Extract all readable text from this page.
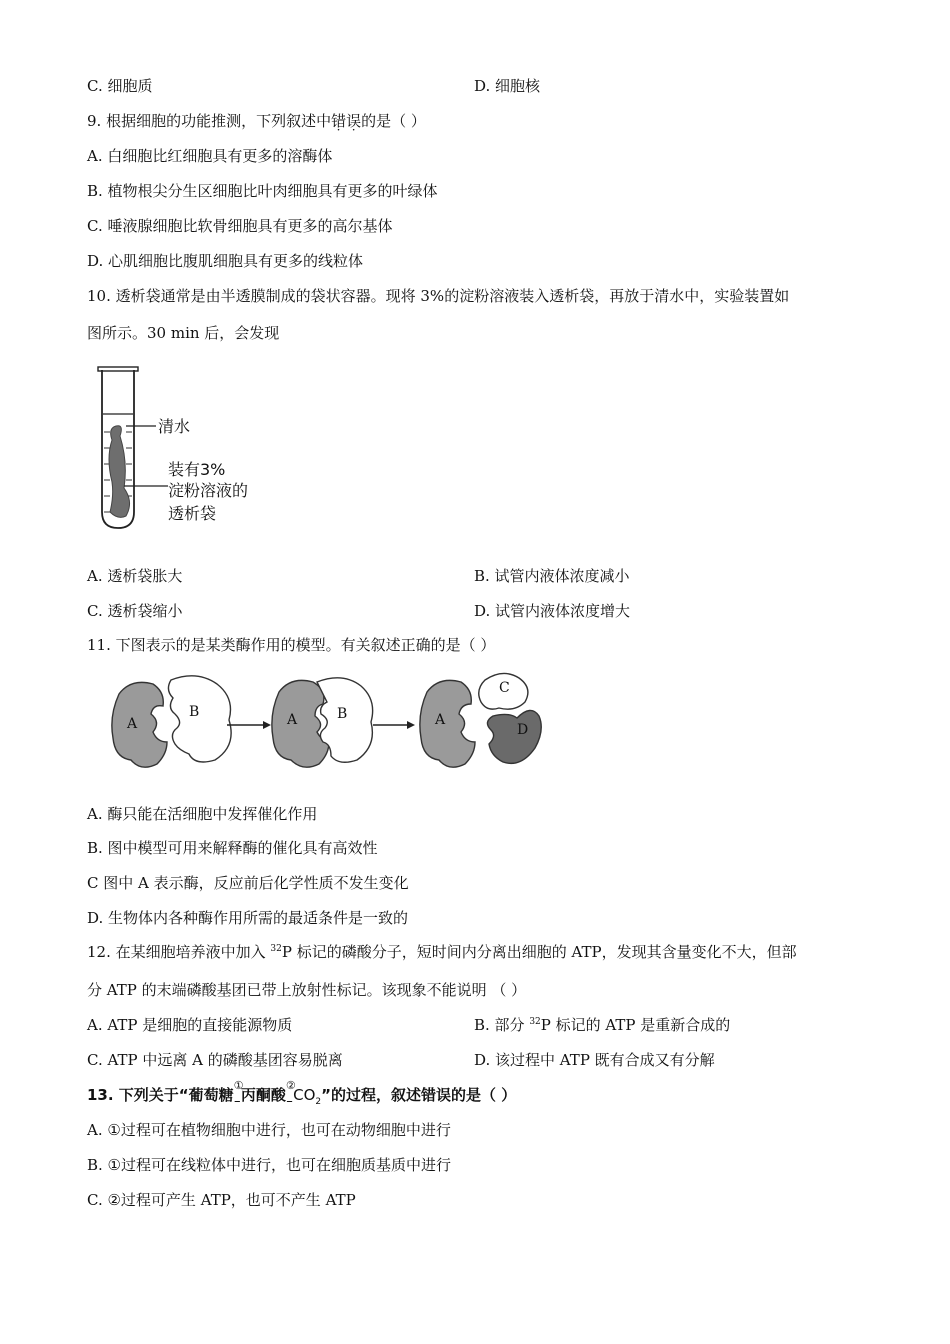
C. 细胞质	D. 细胞核
9. 根据细胞的功能推测，下列叙述中错误的是（ ）
A. 白细胞比红细胞具有更多的溶酶体
B. 植物根尖分生区细胞比叶肉细胞具有更多的叶绿体
C. 唾液腺细胞比软骨细胞具有更多的高尔基体
D. 心肌细胞比腹肌细胞具有更多的线粒体
10. 透析袋通常是由半透膜制成的袋状容器。现将 3%的淀粉溶液装入透析袋，再放于清水中，实验装置如
图所示。30 min 后，会发现
清水
装有3%
淀粉溶液的
透析袋
A. 透析袋胀大	B. 试管内液体浓度减小
C. 透析袋缩小	D. 试管内液体浓度增大
11. 下图表示的是某类酶作用的模型。有关叙述正确的是（ ）
A
B	A	B	A
C
D
A. 酶只能在活细胞中发挥催化作用
B. 图中模型可用来解释酶的催化具有高效性
C 图中 A 表示酶，反应前后化学性质不发生变化
D. 生物体内各种酶作用所需的最适条件是一致的
12. 在某细胞培养液中加入 $^{32}$P 标记的磷酸分子，短时间内分离出细胞的 ATP，发现其含量变化不大，但部
分 ATP 的末端磷酸基团已带上放射性标记。该现象不能说明 （ ）
A. ATP 是细胞的直接能源物质	B. 部分 $^{32}$P 标记的 ATP 是重新合成的
C. ATP 中远离 A 的磷酸基团容易脱离	D. 该过程中 ATP 既有合成又有分解
13. 下列关于“葡萄糖
①
丙酮酸
②
$CO_2$”的过程，叙述错误的是（ ）
A. ①过程可在植物细胞中进行，也可在动物细胞中进行
B. ①过程可在线粒体中进行，也可在细胞质基质中进行
C. ②过程可产生 ATP，也可不产生 ATP
